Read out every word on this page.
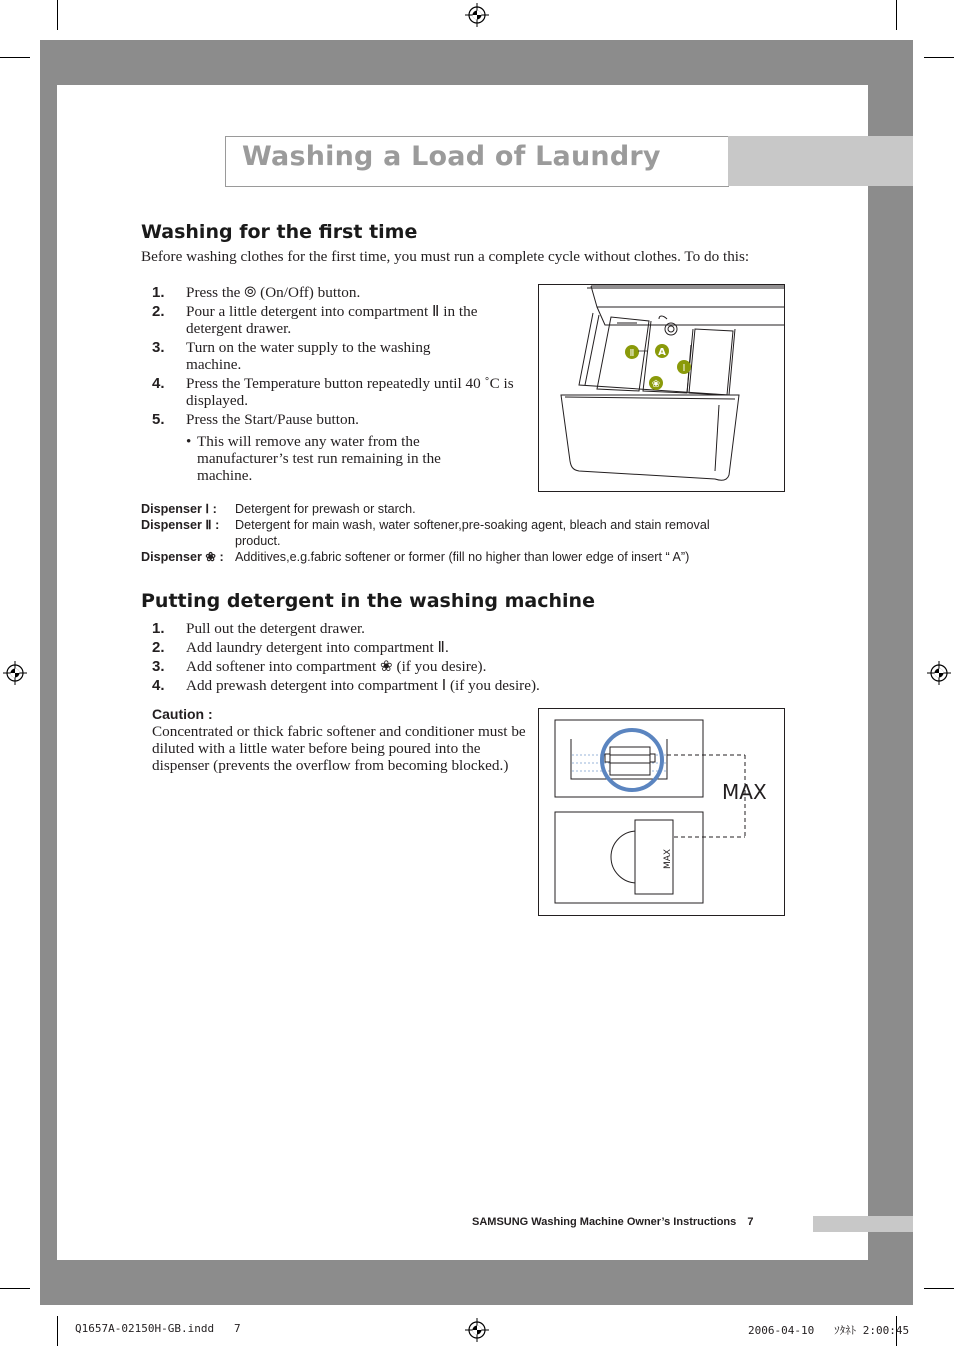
Washing a Load of Laundry
Washing for the first time
Before washing clothes for the first time, you must run a complete cycle without clothes. To do this:
1.	Press the ⦾ (On/Off) button.
2.	Pour a little detergent into compartment Ⅱ in the detergent drawer.
3.	Turn on the water supply to the washing machine.
4.	Press the Temperature button repeatedly until 40 ˚C is displayed.
5.	Press the Start/Pause button.
• This will remove any water from the manufacturer’s test run remaining in the machine.
Ⅱ A
Ⅰ
❀
Dispenser Ⅰ :	Detergent for prewash or starch.
Dispenser Ⅱ :	Detergent for main wash, water softener,pre-soaking agent, bleach and stain removal
product.
Dispenser ❀ : Additives,e.g.fabric softener or former (fill no higher than lower edge of insert “ A”)
Putting detergent in the washing machine
1.	Pull out the detergent drawer.
2.	Add laundry detergent into compartment Ⅱ.
3.	Add softener into compartment ❀ (if you desire).
4.	Add prewash detergent into compartment Ⅰ (if you desire).
Caution :
Concentrated or thick fabric softener and conditioner must be diluted with a little water before being poured into the dispenser (prevents the overflow from becoming blocked.)
MAX
MAX
SAMSUNG Washing Machine Owner’s Instructions 7
Q1657A-02150H-GB.indd   7	2006-04-10   ｿﾀﾈﾄ 2:00:45
